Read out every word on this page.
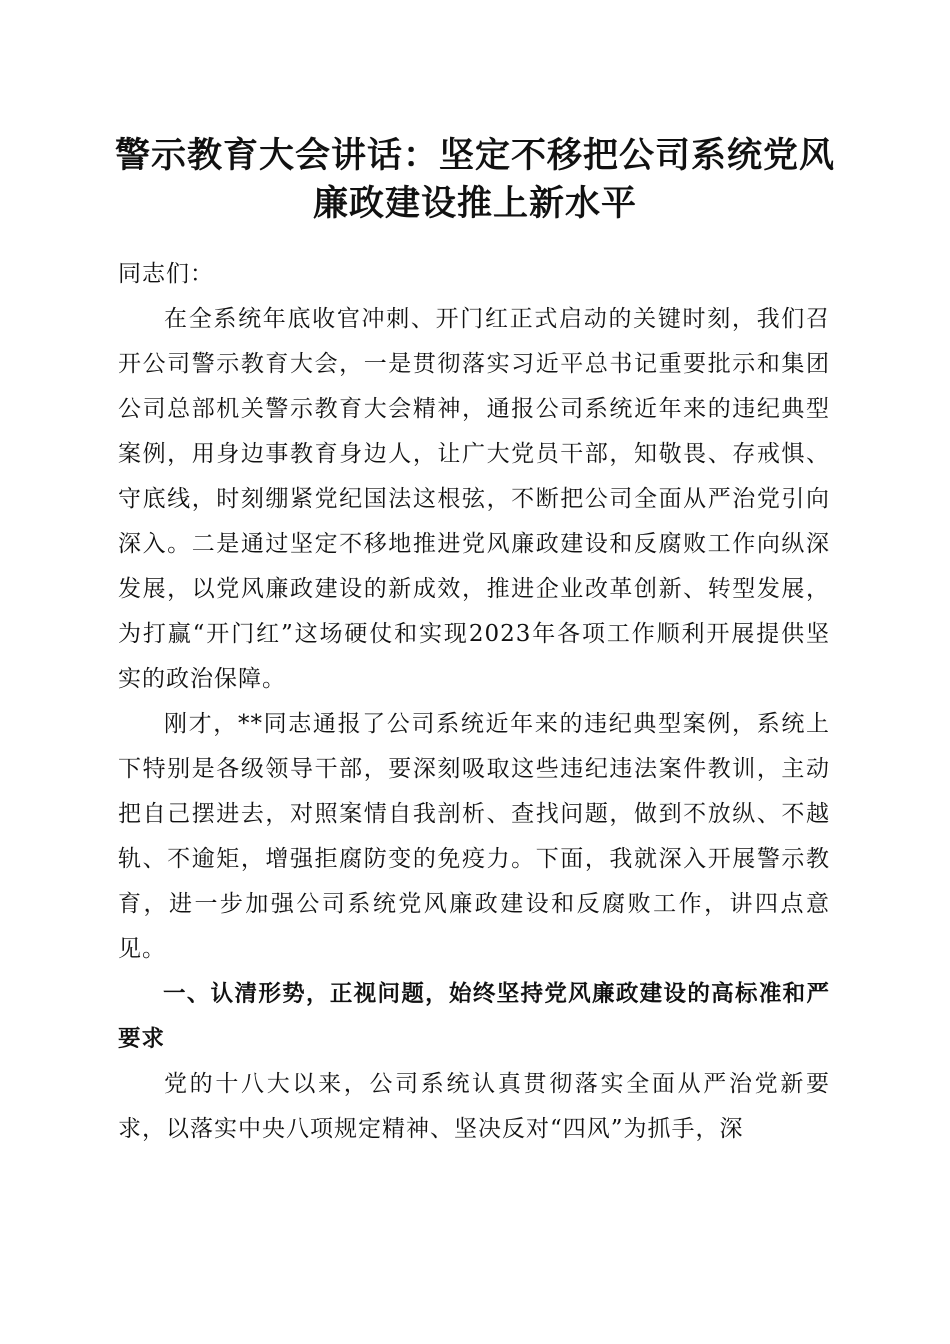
警示教育大会讲话：坚定不移把公司系统党风
廉政建设推上新水平

同志们：

在全系统年底收官冲刺、开门红正式启动的关键时刻，我们召开公司警示教育大会，一是贯彻落实习近平总书记重要批示和集团公司总部机关警示教育大会精神，通报公司系统近年来的违纪典型案例，用身边事教育身边人，让广大党员干部，知敬畏、存戒惧、守底线，时刻绷紧党纪国法这根弦，不断把公司全面从严治党引向深入。二是通过坚定不移地推进党风廉政建设和反腐败工作向纵深发展，以党风廉政建设的新成效，推进企业改革创新、转型发展，为打赢“开门红”这场硬仗和实现2023年各项工作顺利开展提供坚实的政治保障。

刚才，**同志通报了公司系统近年来的违纪典型案例，系统上下特别是各级领导干部，要深刻吸取这些违纪违法案件教训，主动把自己摆进去，对照案情自我剖析、查找问题，做到不放纵、不越轨、不逾矩，增强拒腐防变的免疫力。下面，我就深入开展警示教育，进一步加强公司系统党风廉政建设和反腐败工作，讲四点意见。

一、认清形势，正视问题，始终坚持党风廉政建设的高标准和严要求

党的十八大以来，公司系统认真贯彻落实全面从严治党新要求，以落实中央八项规定精神、坚决反对“四风”为抓手，深
